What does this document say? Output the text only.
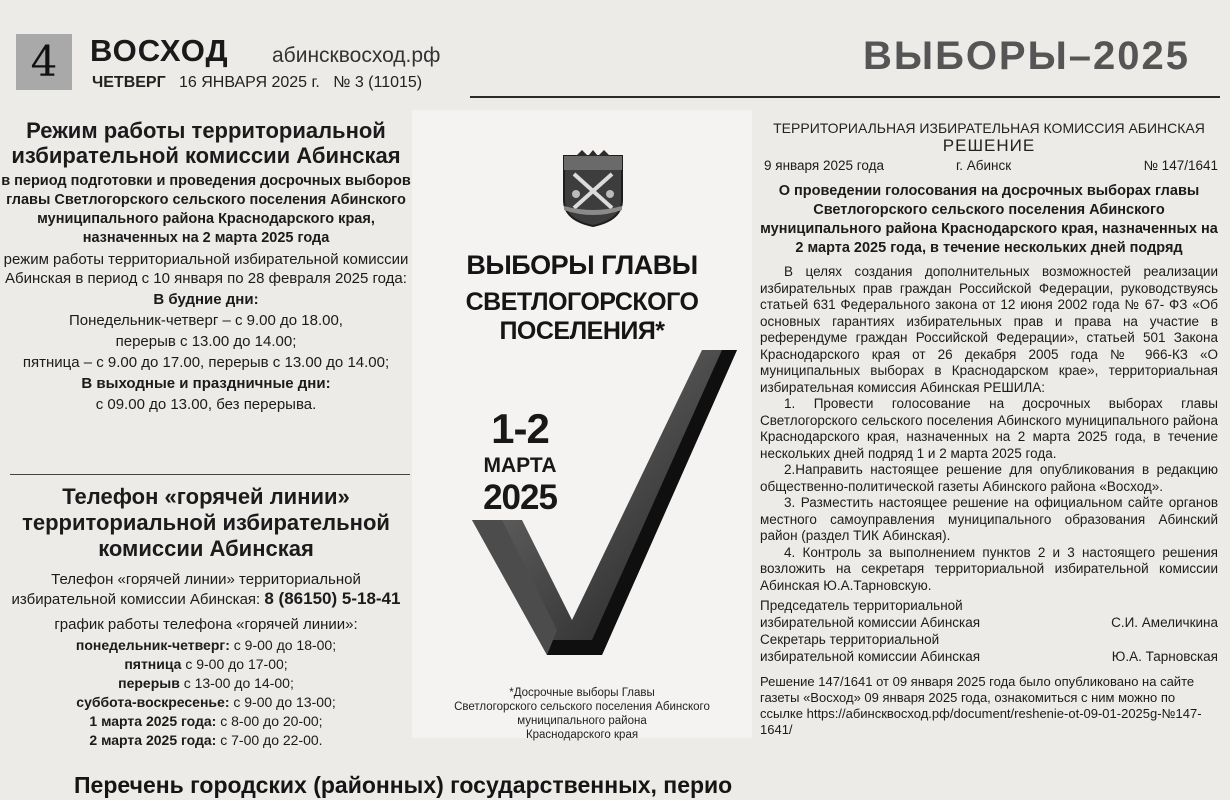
4	ВОСХОД абинсквосход.рф
ЧЕТВЕРГ 16 ЯНВАРЯ 2025 г. № 3 (11015)
ВЫБОРЫ–2025

Режим работы территориальной избирательной комиссии Абинская

в период подготовки и проведения досрочных выборов главы Светлогорского сельского поселения Абинского муниципального района Краснодарского края, назначенных на 2 марта 2025 года

режим работы территориальной избирательной комиссии Абинская в период с 10 января по 28 февраля 2025 года:

В будние дни:

Понедельник-четверг – с 9.00 до 18.00,

перерыв с 13.00 до 14.00;

пятница – с 9.00 до 17.00, перерыв с 13.00 до 14.00;

В выходные и праздничные дни:

с 09.00 до 13.00, без перерыва.

Телефон «горячей линии» территориальной избирательной комиссии Абинская

Телефон «горячей линии» территориальной избирательной комиссии Абинская: 8 (86150) 5-18-41

график работы телефона «горячей линии»:

понедельник-четверг: с 9-00 до 18-00;

пятница с 9-00 до 17-00;

перерыв с 13-00 до 14-00;

суббота-воскресенье: с 9-00 до 13-00;

1 марта 2025 года: с 8-00 до 20-00;

2 марта 2025 года: с 7-00 до 22-00.

ВЫБОРЫ ГЛАВЫ
СВЕТЛОГОРСКОГО ПОСЕЛЕНИЯ*
1-2
МАРТА
2025
*Досрочные выборы Главы
Светлогорского сельского поселения Абинского муниципального района
Краснодарского края

ТЕРРИТОРИАЛЬНАЯ ИЗБИРАТЕЛЬНАЯ КОМИССИЯ АБИНСКАЯ

РЕШЕНИЕ

9 января 2025 года	г. Абинск	№ 147/1641

О проведении голосования на досрочных выборах главы Светлогорского сельского поселения Абинского муниципального района Краснодарского края, назначенных на 2 марта 2025 года, в течение нескольких дней подряд

В целях создания дополнительных возможностей реализации избирательных прав граждан Российской Федерации, руководствуясь статьей 631 Федерального закона от 12 июня 2002 года № 67- ФЗ «Об основных гарантиях избирательных прав и права на участие в референдуме граждан Российской Федерации», статьей 501 Закона Краснодарского края от 26 декабря 2005 года № 966-КЗ «О муниципальных выборах в Краснодарском крае», территориальная избирательная комиссия Абинская РЕШИЛА:

1. Провести голосование на досрочных выборах главы Светлогорского сельского поселения Абинского муниципального района Краснодарского края, назначенных на 2 марта 2025 года, в течение нескольких дней подряд 1 и 2 марта 2025 года.

2.Направить настоящее решение для опубликования в редакцию общественно-политической газеты Абинского района «Восход».

3. Разместить настоящее решение на официальном сайте органов местного самоуправления муниципального образования Абинский район (раздел ТИК Абинская).

4. Контроль за выполнением пунктов 2 и 3 настоящего решения возложить на секретаря территориальной избирательной комиссии Абинская Ю.А.Тарновскую.

Председатель территориальной
избирательной комиссии Абинская	С.И. Амеличкина
Секретарь территориальной
избирательной комиссии Абинская	Ю.А. Тарновская

Решение 147/1641 от 09 января 2025 года было опубликовано на сайте газеты «Восход» 09 января 2025 года, ознакомиться с ним можно по ссылке https://абинсквосход.рф/document/reshenie-ot-09-01-2025g-№147-1641/

Перечень городских (районных) государственных, перио
